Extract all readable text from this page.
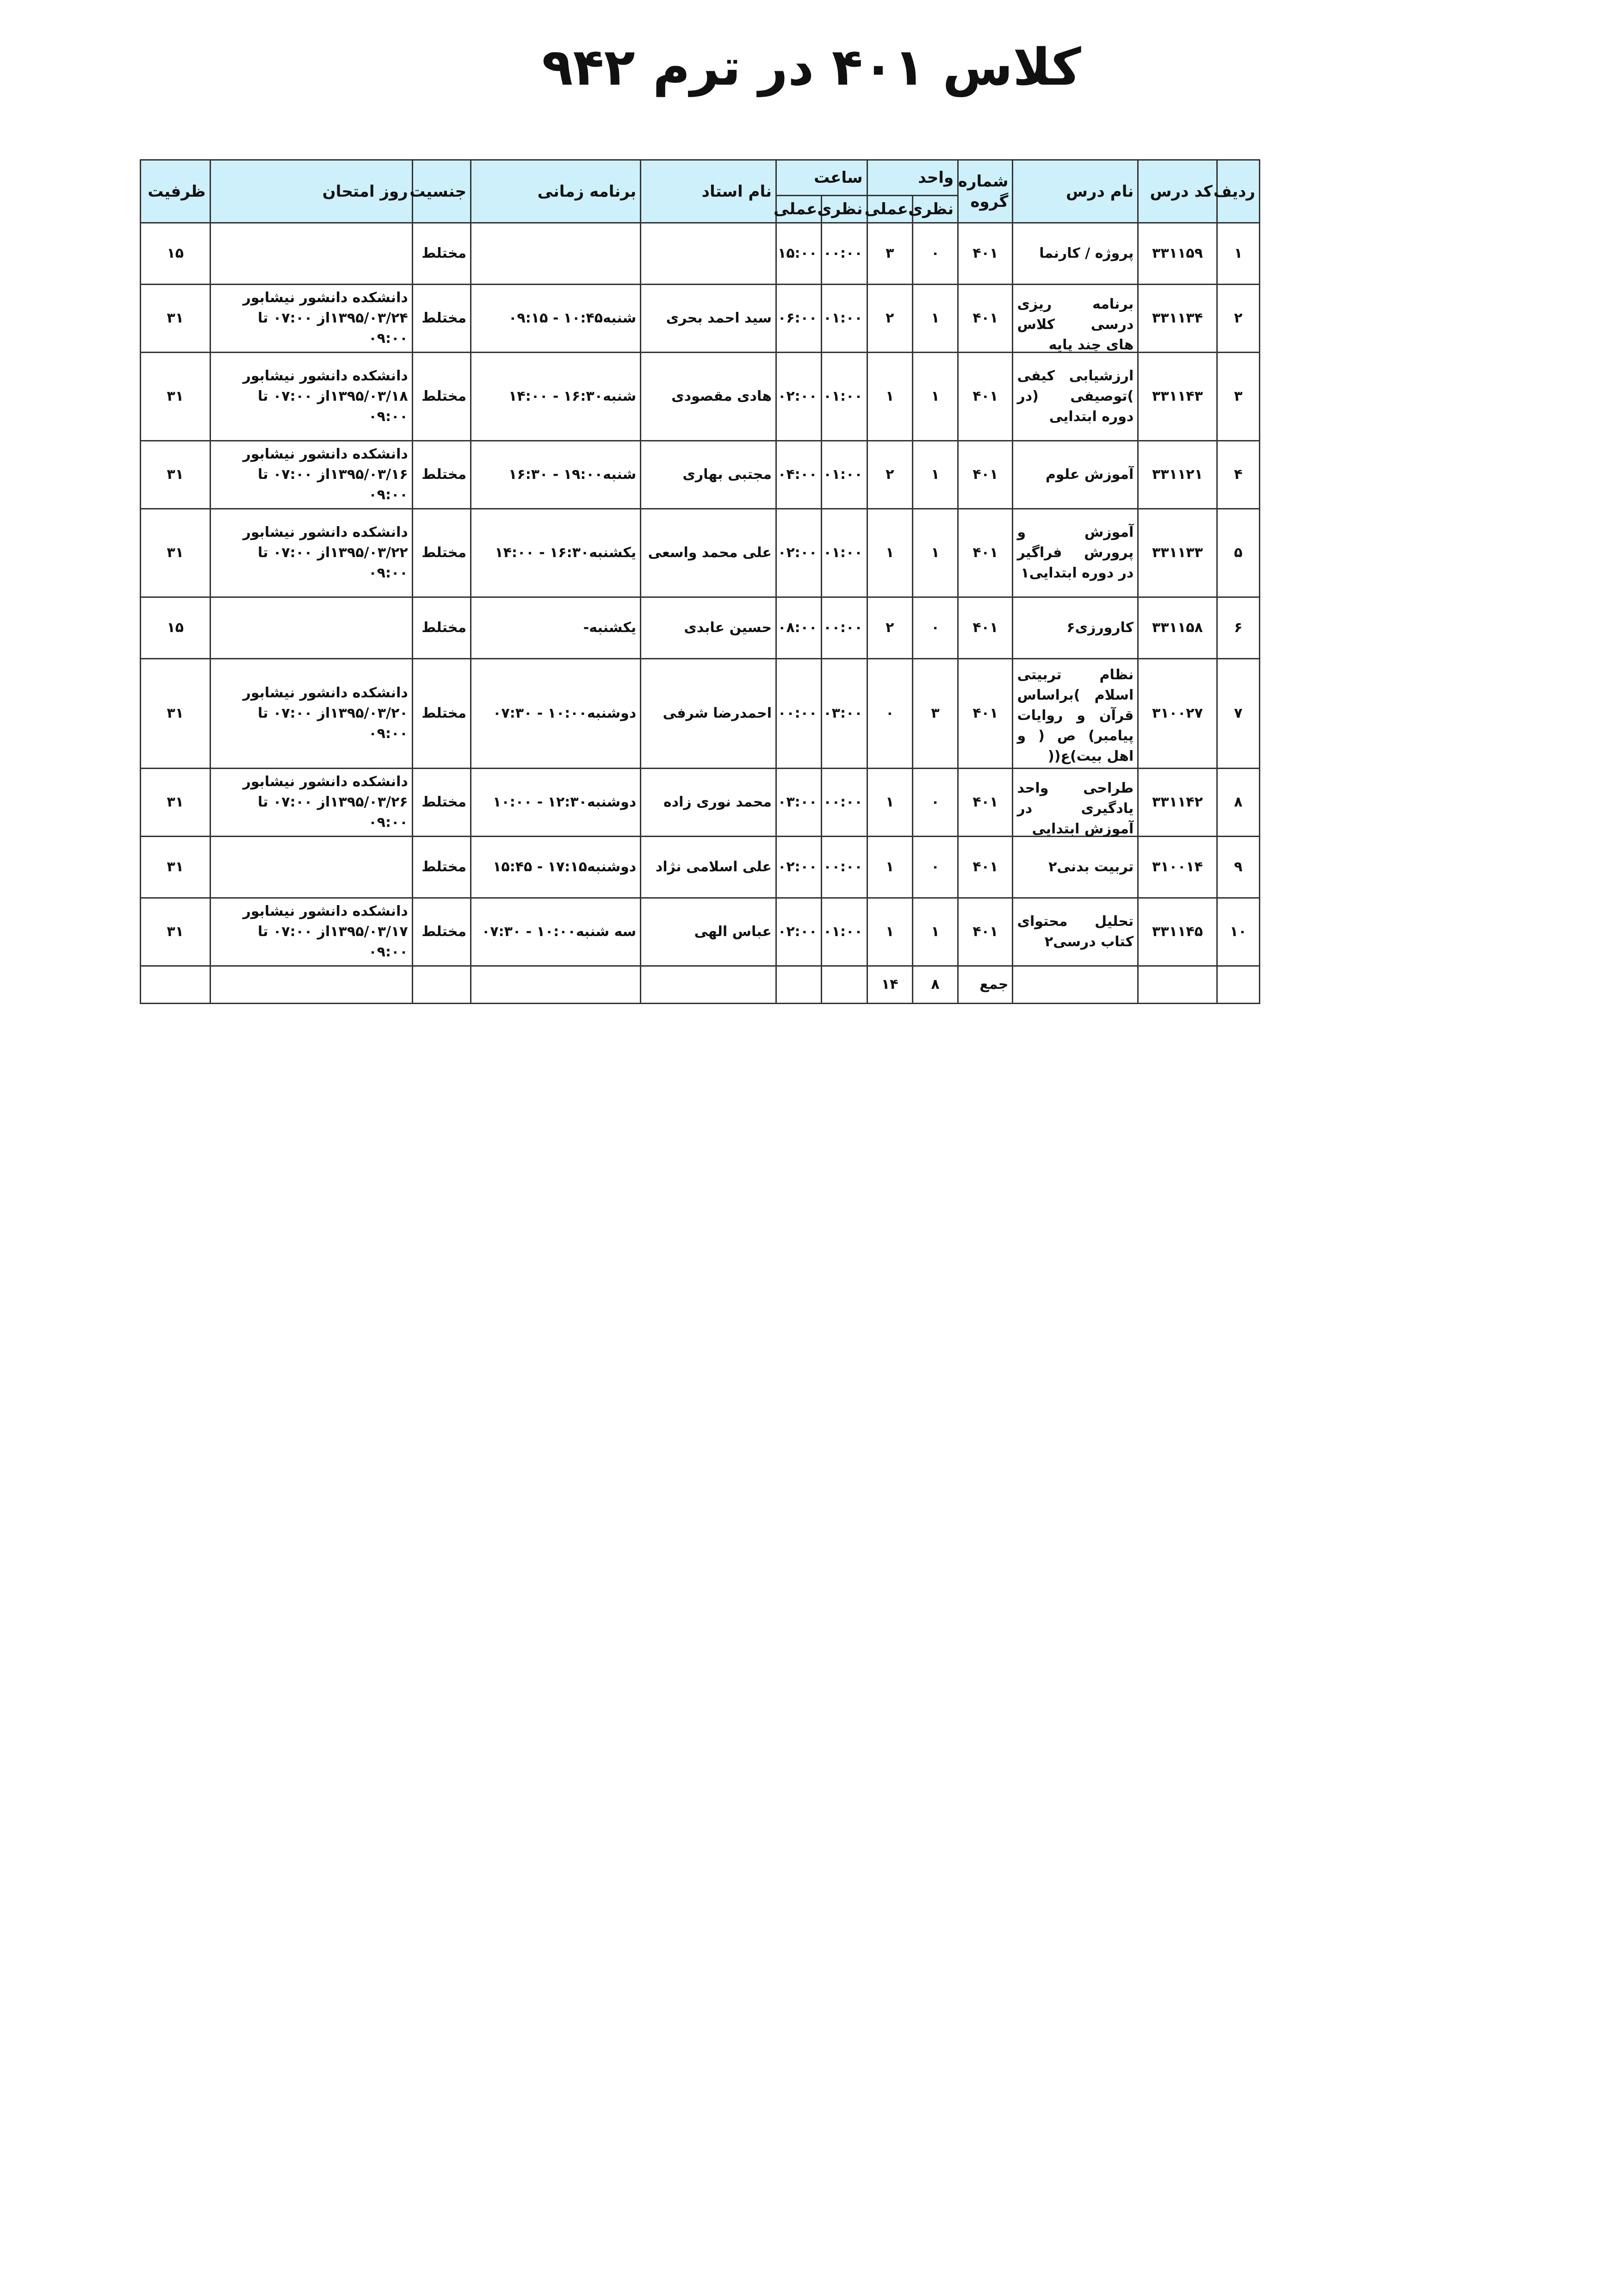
کلاس ۴۰۱ در ترم ۹۴۲
ردیف	کد درس	نام درس	شماره گروه	واحد		ساعت		نام استاد	برنامه زمانی	جنسیت	روز امتحان	ظرفیت
				نظری	عملی	نظری	عملی					
۱	۳۳۱۱۵۹	پروژه / کارنما	۴۰۱	۰	۳	۰۰:۰۰	۱۵:۰۰			مختلط		۱۵
۲	۳۳۱۱۳۴	برنامه ریزی درسی کلاس های چند پایه	۴۰۱	۱	۲	۰۱:۰۰	۰۶:۰۰	سید احمد بحری	شنبه۱۰:۴۵ - ۰۹:۱۵	مختلط	دانشکده دانشور نیشابور ۱۳۹۵/۰۳/۲۴از ۰۷:۰۰ تا ۰۹:۰۰	۳۱
۳	۳۳۱۱۴۳	ارزشیابی کیفی )توصیفی (در دوره ابتدایی	۴۰۱	۱	۱	۰۱:۰۰	۰۲:۰۰	هادی مقصودی	شنبه۱۶:۳۰ - ۱۴:۰۰	مختلط	دانشکده دانشور نیشابور ۱۳۹۵/۰۳/۱۸از ۰۷:۰۰ تا ۰۹:۰۰	۳۱
۴	۳۳۱۱۲۱	آموزش علوم	۴۰۱	۱	۲	۰۱:۰۰	۰۴:۰۰	مجتبی بهاری	شنبه۱۹:۰۰ - ۱۶:۳۰	مختلط	دانشکده دانشور نیشابور ۱۳۹۵/۰۳/۱۶از ۰۷:۰۰ تا ۰۹:۰۰	۳۱
۵	۳۳۱۱۳۳	آموزش و پرورش فراگیر در دوره ابتدایی۱	۴۰۱	۱	۱	۰۱:۰۰	۰۲:۰۰	علی محمد واسعی	یکشنبه۱۶:۳۰ - ۱۴:۰۰	مختلط	دانشکده دانشور نیشابور ۱۳۹۵/۰۳/۲۲از ۰۷:۰۰ تا ۰۹:۰۰	۳۱
۶	۳۳۱۱۵۸	کارورزی۶	۴۰۱	۰	۲	۰۰:۰۰	۰۸:۰۰	حسین عابدی	یکشنبه-	مختلط		۱۵
۷	۳۱۰۰۲۷	نظام تربیتی اسلام )براساس قرآن و روایات پیامبر) ص ( و اهل بیت)ع((	۴۰۱	۳	۰	۰۳:۰۰	۰۰:۰۰	احمدرضا شرفی	دوشنبه۱۰:۰۰ - ۰۷:۳۰	مختلط	دانشکده دانشور نیشابور ۱۳۹۵/۰۳/۲۰از ۰۷:۰۰ تا ۰۹:۰۰	۳۱
۸	۳۳۱۱۴۲	طراحی واحد یادگیری در آموزش ابتدایی	۴۰۱	۰	۱	۰۰:۰۰	۰۳:۰۰	محمد نوری زاده	دوشنبه۱۲:۳۰ - ۱۰:۰۰	مختلط	دانشکده دانشور نیشابور ۱۳۹۵/۰۳/۲۶از ۰۷:۰۰ تا ۰۹:۰۰	۳۱
۹	۳۱۰۰۱۴	تربیت بدنی۲	۴۰۱	۰	۱	۰۰:۰۰	۰۲:۰۰	علی اسلامی نژاد	دوشنبه۱۷:۱۵ - ۱۵:۴۵	مختلط		۳۱
۱۰	۳۳۱۱۴۵	تحلیل محتوای کتاب درسی۲	۴۰۱	۱	۱	۰۱:۰۰	۰۲:۰۰	عباس الهی	سه شنبه۱۰:۰۰ - ۰۷:۳۰	مختلط	دانشکده دانشور نیشابور ۱۳۹۵/۰۳/۱۷از ۰۷:۰۰ تا ۰۹:۰۰	۳۱
			جمع	۸	۱۴							
